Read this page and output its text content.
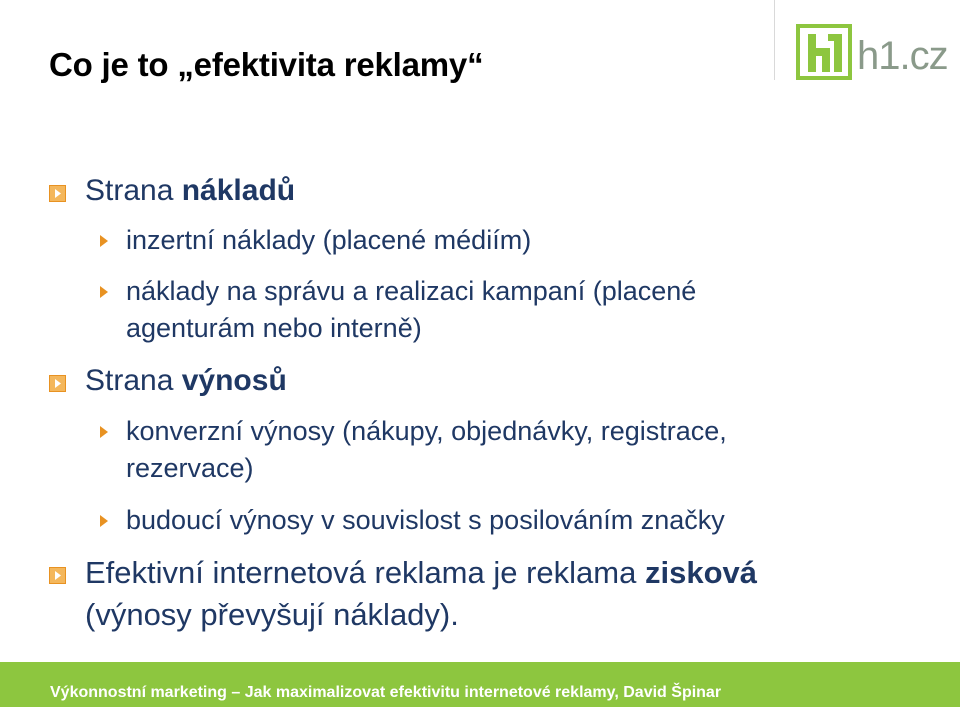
Co je to „efektivita reklamy“	h1.cz
Strana nákladů
inzertní náklady (placené médiím)
náklady na správu a realizaci kampaní (placené
agenturám nebo interně)
Strana výnosů
konverzní výnosy (nákupy, objednávky, registrace,
rezervace)
budoucí výnosy v souvislost s posilováním značky
Efektivní internetová reklama je reklama zisková
(výnosy převyšují náklady).
Výkonnostní marketing – Jak maximalizovat efektivitu internetové reklamy, David Špinar
